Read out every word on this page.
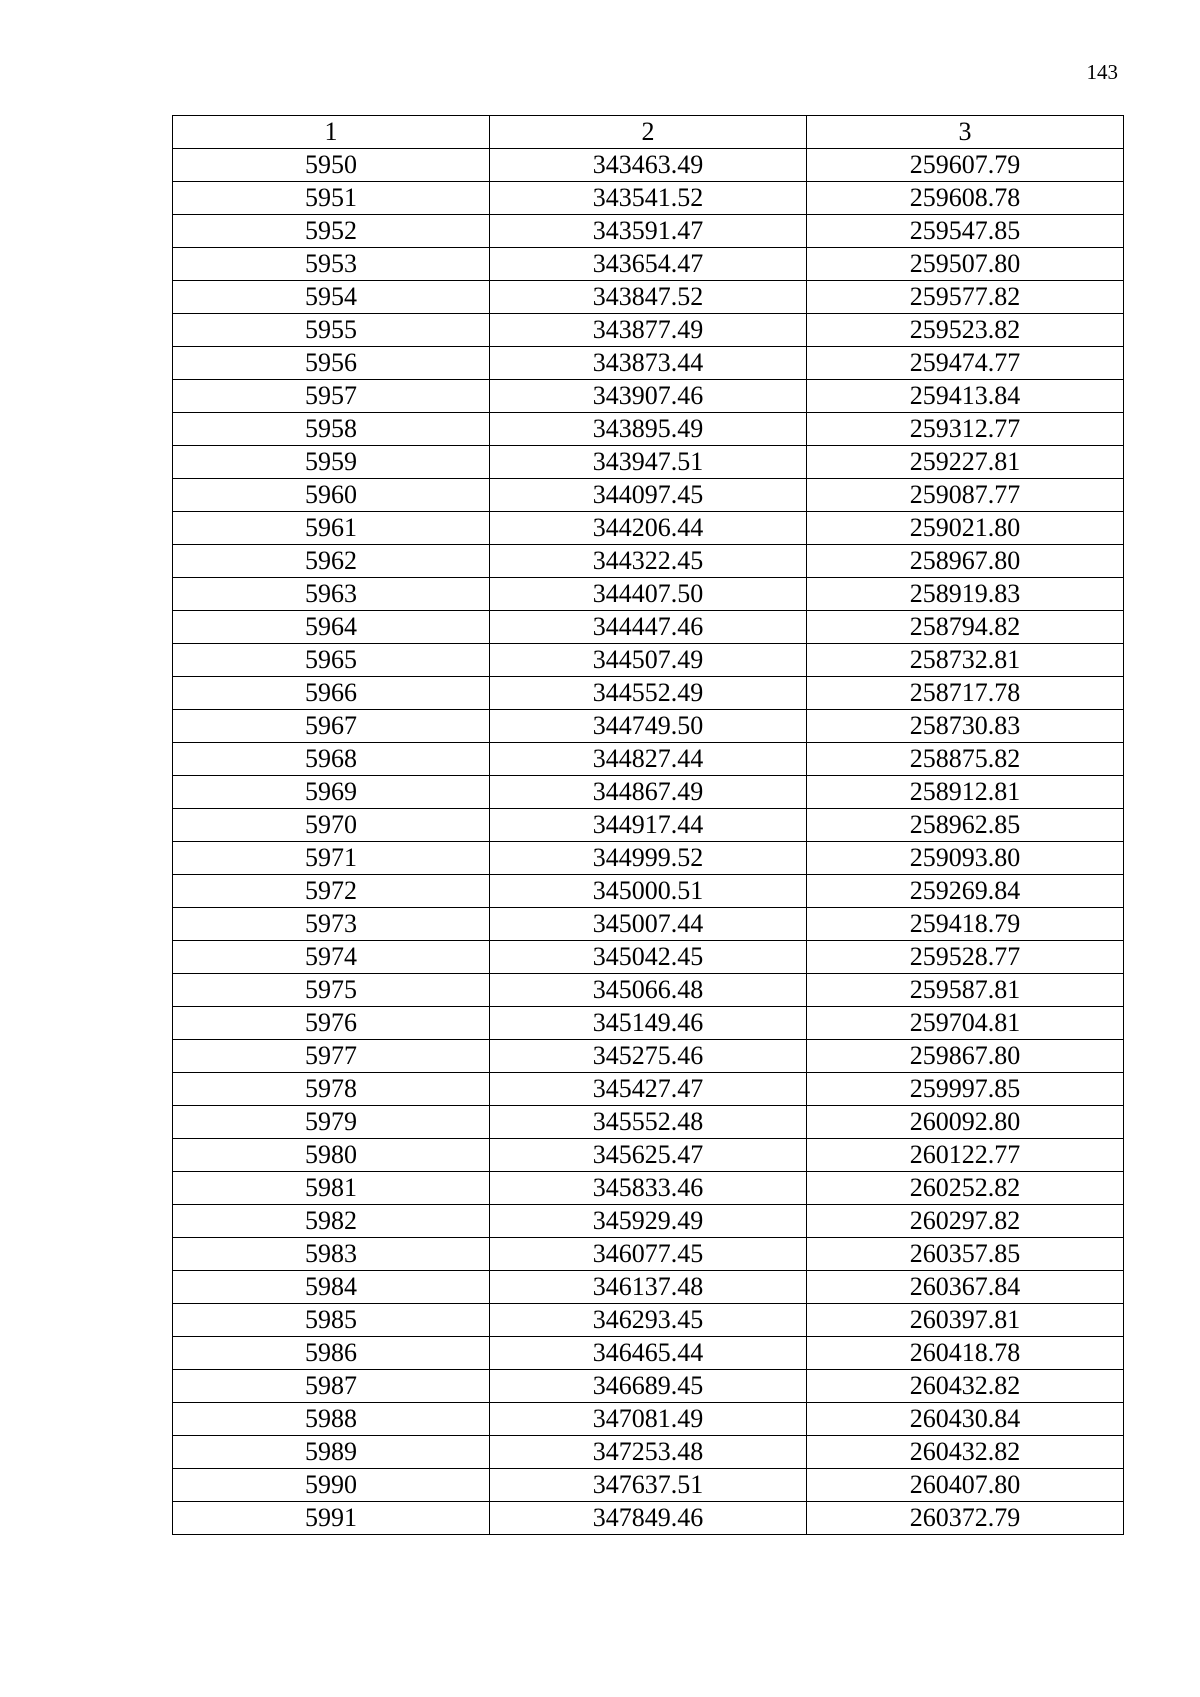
143
1	2	3
5950	343463.49	259607.79
5951	343541.52	259608.78
5952	343591.47	259547.85
5953	343654.47	259507.80
5954	343847.52	259577.82
5955	343877.49	259523.82
5956	343873.44	259474.77
5957	343907.46	259413.84
5958	343895.49	259312.77
5959	343947.51	259227.81
5960	344097.45	259087.77
5961	344206.44	259021.80
5962	344322.45	258967.80
5963	344407.50	258919.83
5964	344447.46	258794.82
5965	344507.49	258732.81
5966	344552.49	258717.78
5967	344749.50	258730.83
5968	344827.44	258875.82
5969	344867.49	258912.81
5970	344917.44	258962.85
5971	344999.52	259093.80
5972	345000.51	259269.84
5973	345007.44	259418.79
5974	345042.45	259528.77
5975	345066.48	259587.81
5976	345149.46	259704.81
5977	345275.46	259867.80
5978	345427.47	259997.85
5979	345552.48	260092.80
5980	345625.47	260122.77
5981	345833.46	260252.82
5982	345929.49	260297.82
5983	346077.45	260357.85
5984	346137.48	260367.84
5985	346293.45	260397.81
5986	346465.44	260418.78
5987	346689.45	260432.82
5988	347081.49	260430.84
5989	347253.48	260432.82
5990	347637.51	260407.80
5991	347849.46	260372.79
